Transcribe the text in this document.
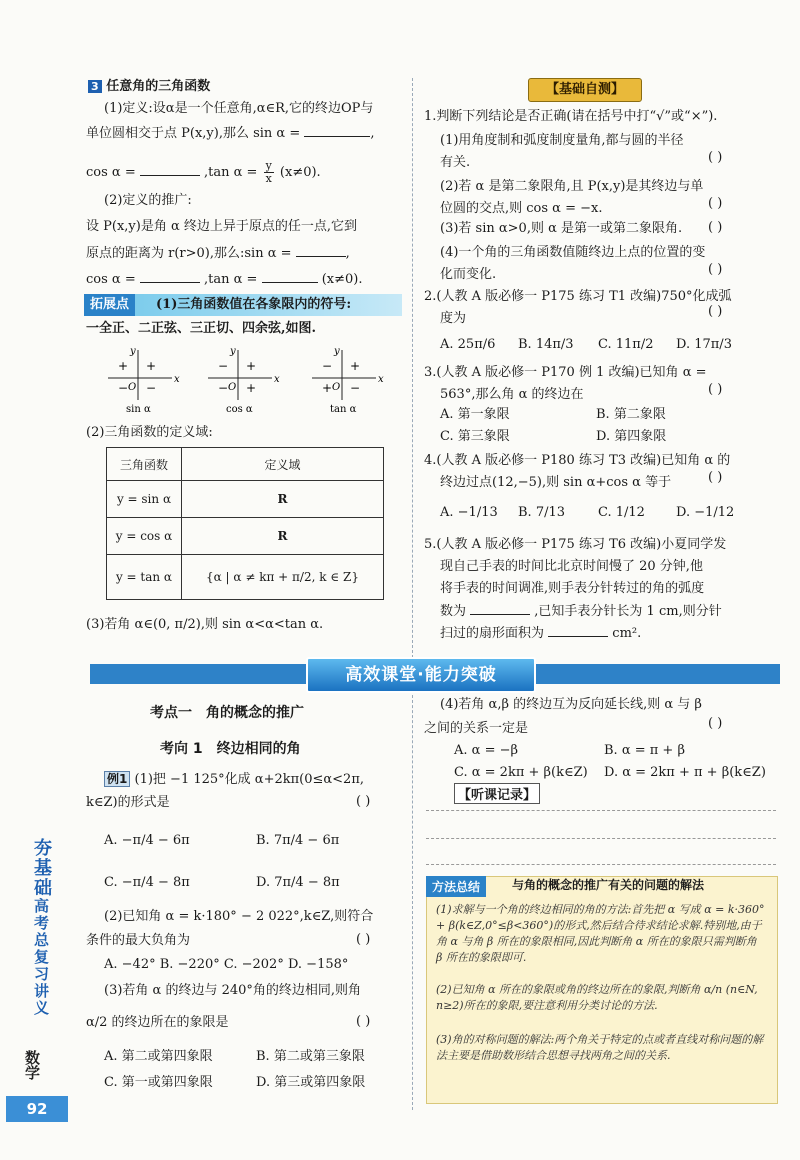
3 任意角的三角函数
(1)定义:设α是一个任意角,α∈R,它的终边OP与
单位圆相交于点 P(x,y),那么 sin α =	,
cos α =	,tan $\alpha = \frac{y}{x} (x\ne 0)$.
(2)定义的推广:
设 P(x,y)是角 α 终边上异于原点的任一点,它到
原点的距离为 r(r>0),那么:sin α =	,
cos α =	,tan α =	(x≠0).
拓展点	(1)三角函数值在各象限内的符号:
一全正、二正弦、三正切、四余弦,如图.
x
y
O
+
+
− −
sin α
x
y
O
+
−
− +
cos α
x
y
O
+
−
+ −
tan α
(2)三角函数的定义域:
三角函数	定义域
y = sin α	R
y = cos α	R
y = tan α	{α | α ≠ kπ + π/2, k ∈ Z}
(3)若角 α∈(0, π/2),则 sin α<α<tan α.
【基础自测】
1.判断下列结论是否正确(请在括号中打“√”或“×”).
(1)用角度制和弧度制度量角,都与圆的半径
有关.	( )
(2)若 α 是第二象限角,且 P(x,y)是其终边与单
位圆的交点,则 cos α = −x.	( )
(3)若 sin α>0,则 α 是第一或第二象限角. ( )
(4)一个角的三角函数值随终边上点的位置的变
化而变化.	( )
2.(人教 A 版必修一 P175 练习 T1 改编)750°化成弧
度为	( )
A. 25π/6 B. 14π/3 C. 11π/2 D. 17π/3
3.(人教 A 版必修一 P170 例 1 改编)已知角 α =
563°,那么角 α 的终边在	( )
A. 第一象限	B. 第二象限
C. 第三象限	D. 第四象限
4.(人教 A 版必修一 P180 练习 T3 改编)已知角 α 的
终边过点(12,−5),则 sin α+cos α 等于	( )
A. −1/13 B. 7/13	C. 1/12 D. −1/12
5.(人教 A 版必修一 P175 练习 T6 改编)小夏同学发
现自己手表的时间比北京时间慢了 20 分钟,他
将手表的时间调准,则手表分针转过的角的弧度
数为	,已知手表分针长为 1 cm,则分针
扫过的扇形面积为	cm².
高效课堂·能力突破
考点一　角的概念的推广
考向 1　终边相同的角
例1 (1)把 −1 125°化成 α+2kπ(0≤α<2π,
k∈Z)的形式是	( )
A. −π/4 − 6π	B. 7π/4 − 6π
C. −π/4 − 8π	D. 7π/4 − 8π
(2)已知角 α = k·180° − 2 022°,k∈Z,则符合
条件的最大负角为	( )
A. −42° B. −220° C. −202° D. −158°
(3)若角 α 的终边与 240°角的终边相同,则角
α/2 的终边所在的象限是	( )
A. 第二或第四象限	B. 第二或第三象限
C. 第一或第四象限	D. 第三或第四象限
(4)若角 α,β 的终边互为反向延长线,则 α 与 β
之间的关系一定是	( )
A. α = −β	B. α = π + β
C. α = 2kπ + β(k∈Z) D. α = 2kπ + π + β(k∈Z)
【听课记录】
方法总结	与角的概念的推广有关的问题的解法
(1)求解与一个角的终边相同的角的方法:首先把 α 写成 α = k·360° + β(k∈Z,0°≤β<360°)的形式,然后结合待求结论求解.特别地,由于角 α 与角 β 所在的象限相同,因此判断角 α 所在的象限只需判断角 β 所在的象限即可.
(2)已知角 α 所在的象限或角的终边所在的象限,判断角 α/n (n∈N, n≥2)所在的象限,要注意利用分类讨论的方法.
(3)角的对称问题的解法:两个角关于特定的点或者直线对称问题的解法主要是借助数形结合思想寻找两角之间的关系.
夯基础高考总复习讲义
数学
92
